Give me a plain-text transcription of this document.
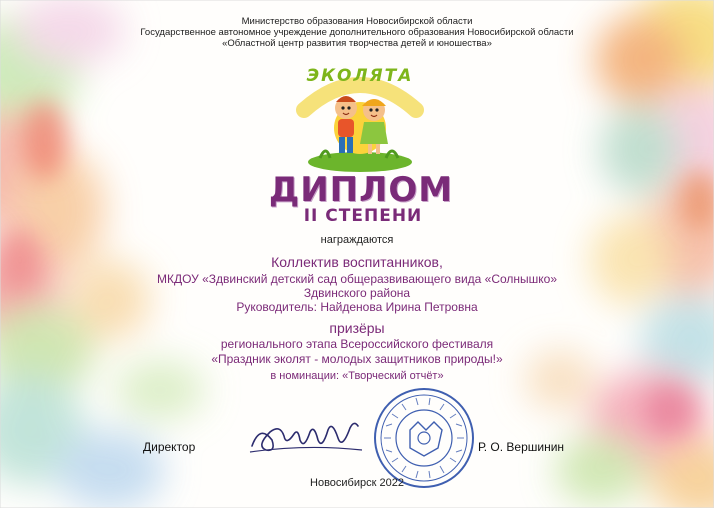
Министерство образования Новосибирской области
Государственное автономное учреждение дополнительного образования Новосибирской области
«Областной центр развития творчества детей и юношества»
ЭКОЛЯТА
ДИПЛОМ
II СТЕПЕНИ
награждаются
Коллектив воспитанников,
МКДОУ «Здвинский детский сад общеразвивающего вида «Солнышко»
Здвинского района
Руководитель: Найденова Ирина Петровна
призёры
регионального этапа Всероссийского фестиваля
«Праздник эколят - молодых защитников природы!»
в номинации: «Творческий отчёт»
Директор	Р. О. Вершинин
Новосибирск 2022
